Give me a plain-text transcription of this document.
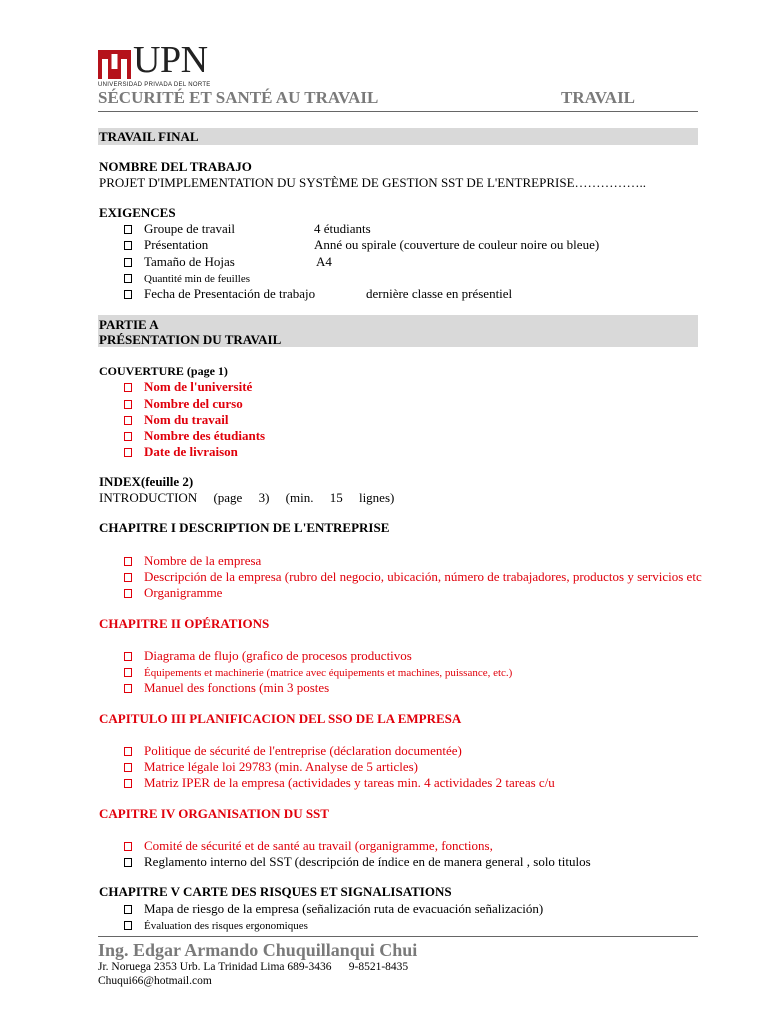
UPN
UNIVERSIDAD PRIVADA DEL NORTE
SÉCURITÉ ET SANTÉ AU TRAVAIL	TRAVAIL
TRAVAIL FINAL
NOMBRE DEL TRABAJO
PROJET D'IMPLEMENTATION DU SYSTÈME DE GESTION SST DE L'ENTREPRISE……………..
EXIGENCES
Groupe de travail	4 étudiants
Présentation	Anné ou spirale (couverture de couleur noire ou bleue)
Tamaño de Hojas	A4
Quantité min de feuilles
Fecha de Presentación de trabajo	dernière classe en présentiel
PARTIE A
PRÉSENTATION DU TRAVAIL
COUVERTURE (page 1)
Nom de l'université
Nombre del curso
Nom du travail
Nombre des étudiants
Date de livraison
INDEX(feuille 2)
INTRODUCTION     (page     3)     (min.     15     lignes)
CHAPITRE I DESCRIPTION DE L'ENTREPRISE
Nombre de la empresa
Descripción de la empresa (rubro del negocio, ubicación, número de trabajadores, productos y servicios etc
Organigramme
CHAPITRE II OPÉRATIONS
Diagrama de flujo (grafico de procesos productivos
Équipements et machinerie (matrice avec équipements et machines, puissance, etc.)
Manuel des fonctions (min 3 postes
CAPITULO III PLANIFICACION DEL SSO DE LA EMPRESA
Politique de sécurité de l'entreprise (déclaration documentée)
Matrice légale loi 29783 (min. Analyse de 5 articles)
Matriz IPER de la empresa (actividades y tareas min. 4 actividades 2 tareas c/u
CAPITRE IV ORGANISATION DU SST
Comité de sécurité et de santé au travail (organigramme, fonctions,
Reglamento interno del SST (descripción de índice en de manera general , solo titulos
CHAPITRE V CARTE DES RISQUES ET SIGNALISATIONS
Mapa de riesgo de la empresa (señalización ruta de evacuación señalización)
Évaluation des risques ergonomiques
Ing. Edgar Armando Chuquillanqui Chui
Jr. Noruega 2353 Urb. La Trinidad Lima 689-3436      9-8521-8435
Chuqui66@hotmail.com
